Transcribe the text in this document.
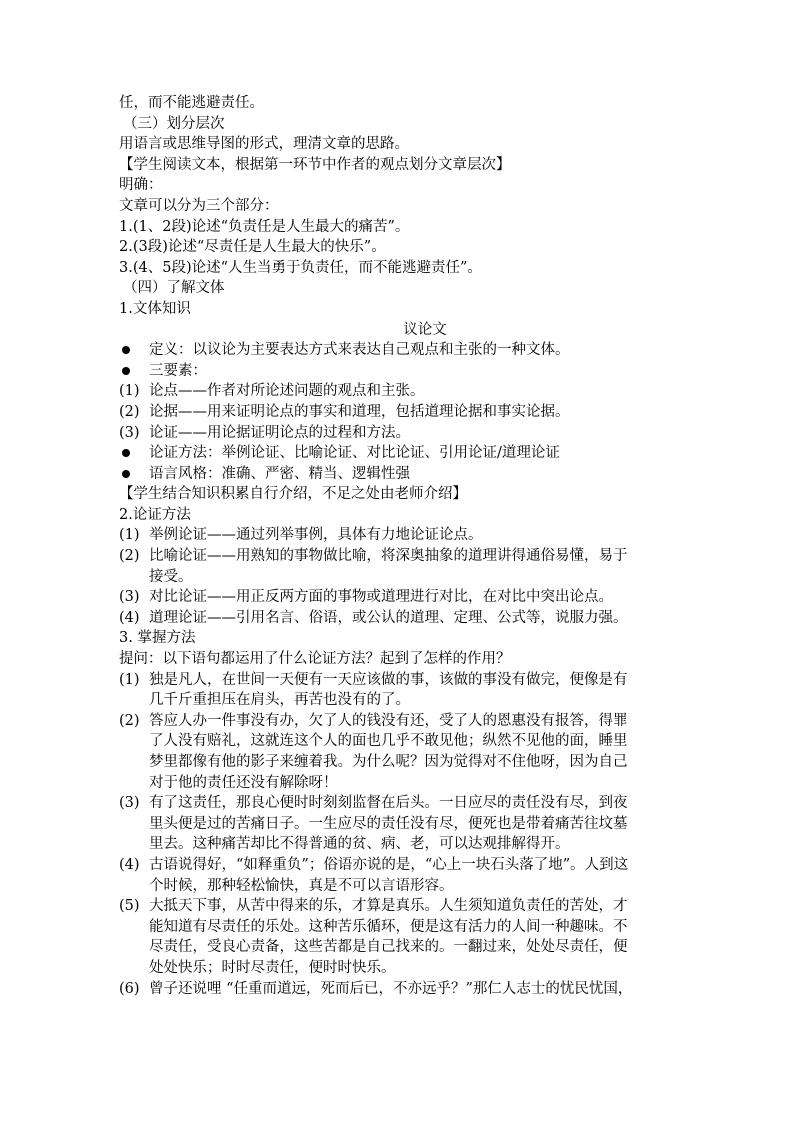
任，而不能逃避责任。
（三）划分层次
用语言或思维导图的形式，理清文章的思路。
【学生阅读文本，根据第一环节中作者的观点划分文章层次】
明确：
文章可以分为三个部分：
1.(1、2段)论述“负责任是人生最大的痛苦”。
2.(3段)论述“尽责任是人生最大的快乐”。
3.(4、5段)论述“人生当勇于负责任，而不能逃避责任”。
（四）了解文体
1.文体知识
议论文
定义：以议论为主要表达方式来表达自己观点和主张的一种文体。
三要素：
(1) 论点——作者对所论述问题的观点和主张。
(2) 论据——用来证明论点的事实和道理，包括道理论据和事实论据。
(3) 论证——用论据证明论点的过程和方法。
论证方法：举例论证、比喻论证、对比论证、引用论证/道理论证
语言风格：准确、严密、精当、逻辑性强
【学生结合知识积累自行介绍，不足之处由老师介绍】
2.论证方法
(1) 举例论证——通过列举事例，具体有力地论证论点。
(2) 比喻论证——用熟知的事物做比喻，将深奥抽象的道理讲得通俗易懂，易于
接受。
(3) 对比论证——用正反两方面的事物或道理进行对比，在对比中突出论点。
(4) 道理论证——引用名言、俗语，或公认的道理、定理、公式等，说服力强。
3. 掌握方法
提问：以下语句都运用了什么论证方法？起到了怎样的作用？
(1) 独是凡人，在世间一天便有一天应该做的事，该做的事没有做完，便像是有
几千斤重担压在肩头，再苦也没有的了。
(2) 答应人办一件事没有办，欠了人的钱没有还，受了人的恩惠没有报答，得罪
了人没有赔礼，这就连这个人的面也几乎不敢见他；纵然不见他的面，睡里
梦里都像有他的影子来缠着我。为什么呢？因为觉得对不住他呀，因为自己
对于他的责任还没有解除呀！
(3) 有了这责任，那良心便时时刻刻监督在后头。一日应尽的责任没有尽，到夜
里头便是过的苦痛日子。一生应尽的责任没有尽，便死也是带着痛苦往坟墓
里去。这种痛苦却比不得普通的贫、病、老，可以达观排解得开。
(4) 古语说得好，“如释重负”；俗语亦说的是，“心上一块石头落了地”。人到这
个时候，那种轻松愉快，真是不可以言语形容。
(5) 大抵天下事，从苦中得来的乐，才算是真乐。人生须知道负责任的苦处，才
能知道有尽责任的乐处。这种苦乐循环，便是这有活力的人间一种趣味。不
尽责任，受良心责备，这些苦都是自己找来的。一翻过来，处处尽责任，便
处处快乐；时时尽责任，便时时快乐。
(6) 曾子还说哩 “任重而道远，死而后已，不亦远乎？”那仁人志士的忧民忧国，
